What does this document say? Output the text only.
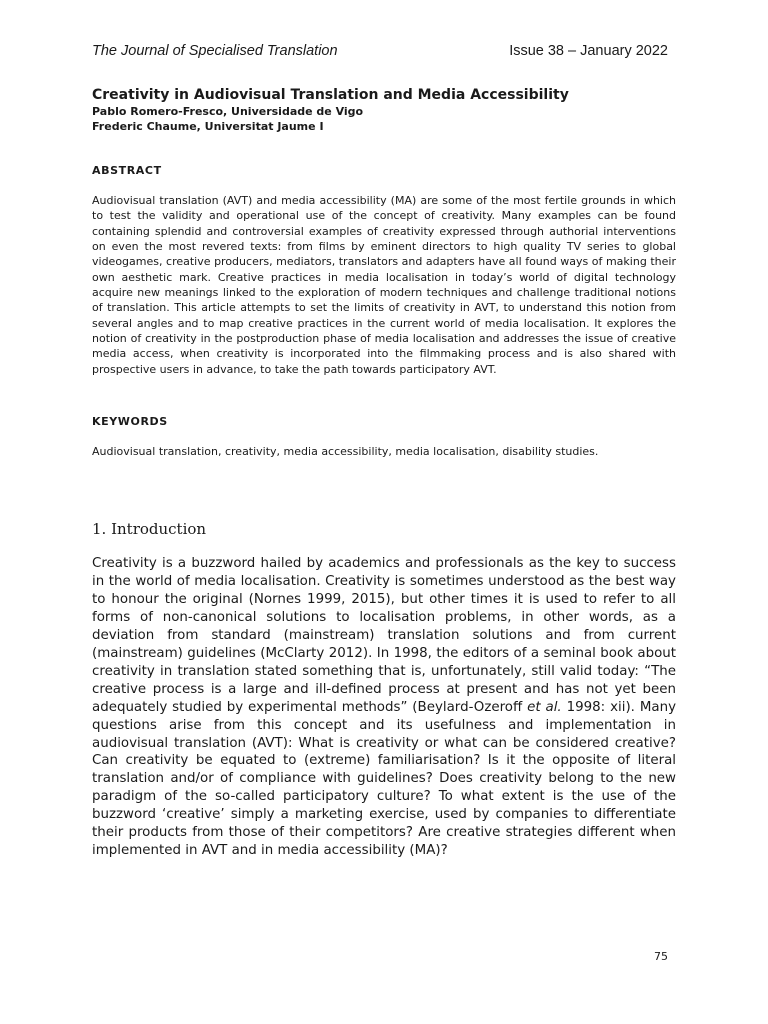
The Journal of Specialised Translation	Issue 38 – January 2022
Creativity in Audiovisual Translation and Media Accessibility
Pablo Romero-Fresco, Universidade de Vigo
Frederic Chaume, Universitat Jaume I
ABSTRACT

Audiovisual translation (AVT) and media accessibility (MA) are some of the most fertile grounds in which to test the validity and operational use of the concept of creativity. Many examples can be found containing splendid and controversial examples of creativity expressed through authorial interventions on even the most revered texts: from films by eminent directors to high quality TV series to global videogames, creative producers, mediators, translators and adapters have all found ways of making their own aesthetic mark. Creative practices in media localisation in today’s world of digital technology acquire new meanings linked to the exploration of modern techniques and challenge traditional notions of translation. This article attempts to set the limits of creativity in AVT, to understand this notion from several angles and to map creative practices in the current world of media localisation. It explores the notion of creativity in the postproduction phase of media localisation and addresses the issue of creative media access, when creativity is incorporated into the filmmaking process and is also shared with prospective users in advance, to take the path towards participatory AVT.

KEYWORDS

Audiovisual translation, creativity, media accessibility, media localisation, disability studies.

1. Introduction

Creativity is a buzzword hailed by academics and professionals as the key to success in the world of media localisation. Creativity is sometimes understood as the best way to honour the original (Nornes 1999, 2015), but other times it is used to refer to all forms of non-canonical solutions to localisation problems, in other words, as a deviation from standard (mainstream) translation solutions and from current (mainstream) guidelines (McClarty 2012). In 1998, the editors of a seminal book about creativity in translation stated something that is, unfortunately, still valid today: “The creative process is a large and ill-defined process at present and has not yet been adequately studied by experimental methods” (Beylard-Ozeroff et al. 1998: xii). Many questions arise from this concept and its usefulness and implementation in audiovisual translation (AVT): What is creativity or what can be considered creative? Can creativity be equated to (extreme) familiarisation? Is it the opposite of literal translation and/or of compliance with guidelines? Does creativity belong to the new paradigm of the so-called participatory culture? To what extent is the use of the buzzword ‘creative’ simply a marketing exercise, used by companies to differentiate their products from those of their competitors? Are creative strategies different when implemented in AVT and in media accessibility (MA)?

75
